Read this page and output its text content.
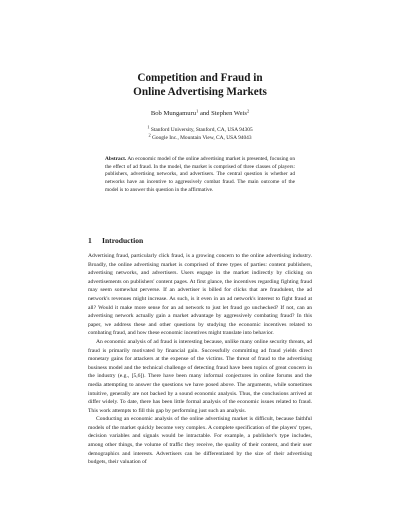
Competition and Fraud in
Online Advertising Markets
Bob Mungamuru$^1$ and Stephen Weis$^2$
$^1$ Stanford University, Stanford, CA, USA 94305
$^2$ Google Inc., Mountain View, CA, USA 94043
Abstract. An economic model of the online advertising market is presented, focusing on the effect of ad fraud. In the model, the market is comprised of three classes of players: publishers, advertising networks, and advertisers. The central question is whether ad networks have an incentive to aggressively combat fraud. The main outcome of the model is to answer this question in the affirmative.
1 Introduction

Advertising fraud, particularly click fraud, is a growing concern to the online advertising industry. Broadly, the online advertising market is comprised of three types of parties: content publishers, advertising networks, and advertisers. Users engage in the market indirectly by clicking on advertisements on publishers' content pages. At first glance, the incentives regarding fighting fraud may seem somewhat perverse. If an advertiser is billed for clicks that are fraudulent, the ad network's revenues might increase. As such, is it even in an ad network's interest to fight fraud at all? Would it make more sense for an ad network to just let fraud go unchecked? If not, can an advertising network actually gain a market advantage by aggressively combating fraud? In this paper, we address these and other questions by studying the economic incentives related to combating fraud, and how these economic incentives might translate into behavior.

An economic analysis of ad fraud is interesting because, unlike many online security threats, ad fraud is primarily motivated by financial gain. Successfully committing ad fraud yields direct monetary gains for attackers at the expense of the victims. The threat of fraud to the advertising business model and the technical challenge of detecting fraud have been topics of great concern in the industry (e.g., [5,6]). There have been many informal conjectures in online forums and the media attempting to answer the questions we have posed above. The arguments, while sometimes intuitive, generally are not backed by a sound economic analysis. Thus, the conclusions arrived at differ widely. To date, there has been little formal analysis of the economic issues related to fraud. This work attempts to fill this gap by performing just such an analysis.

Conducting an economic analysis of the online advertising market is difficult, because faithful models of the market quickly become very complex. A complete specification of the players' types, decision variables and signals would be intractable. For example, a publisher's type includes, among other things, the volume of traffic they receive, the quality of their content, and their user demographics and interests. Advertisers can be differentiated by the size of their advertising budgets, their valuation of
